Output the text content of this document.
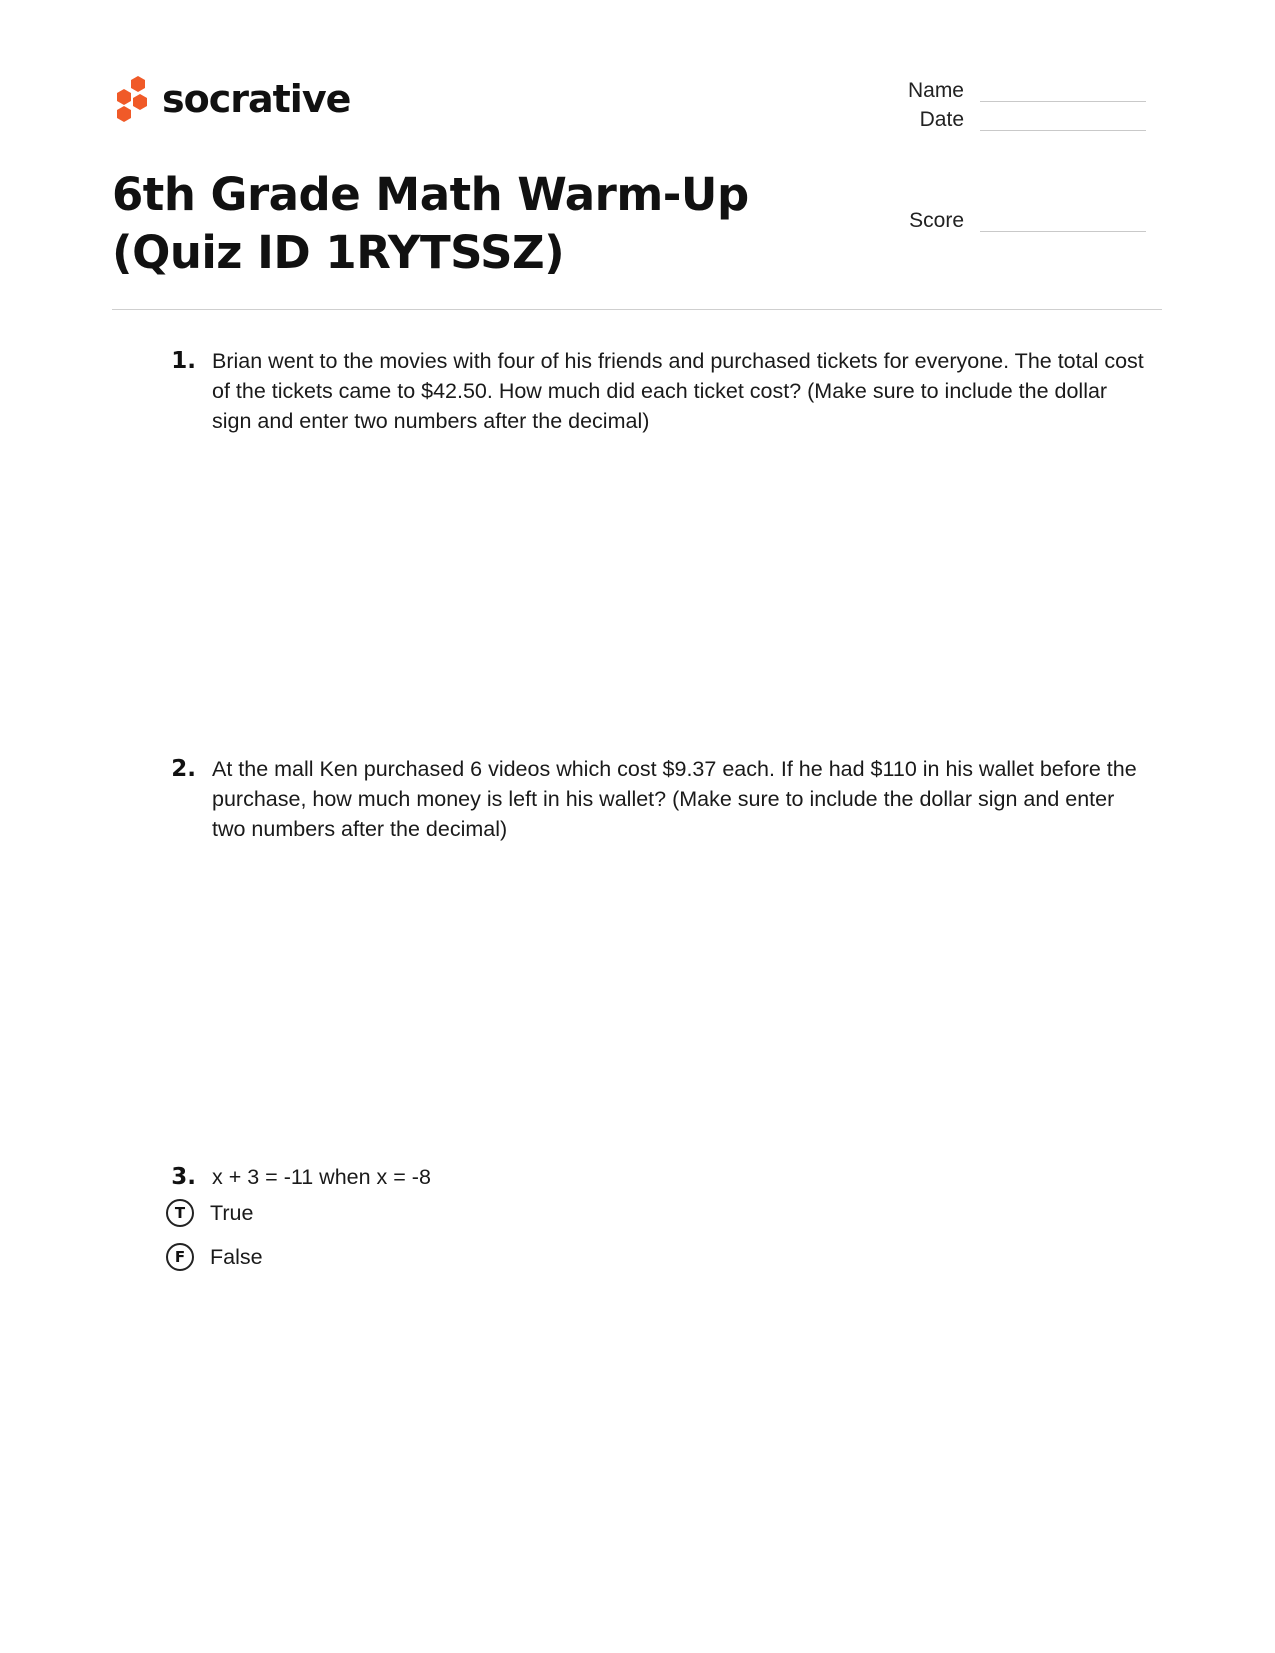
socrative	Name
Date
Score
6th Grade Math Warm-Up (Quiz ID 1RYTSSZ)
1. Brian went to the movies with four of his friends and purchased tickets for everyone. The total cost of the tickets came to $42.50. How much did each ticket cost? (Make sure to include the dollar sign and enter two numbers after the decimal)
2. At the mall Ken purchased 6 videos which cost $9.37 each. If he had $110 in his wallet before the purchase, how much money is left in his wallet? (Make sure to include the dollar sign and enter two numbers after the decimal)
3. x + 3 = -11 when x = -8
T	True
F	False
